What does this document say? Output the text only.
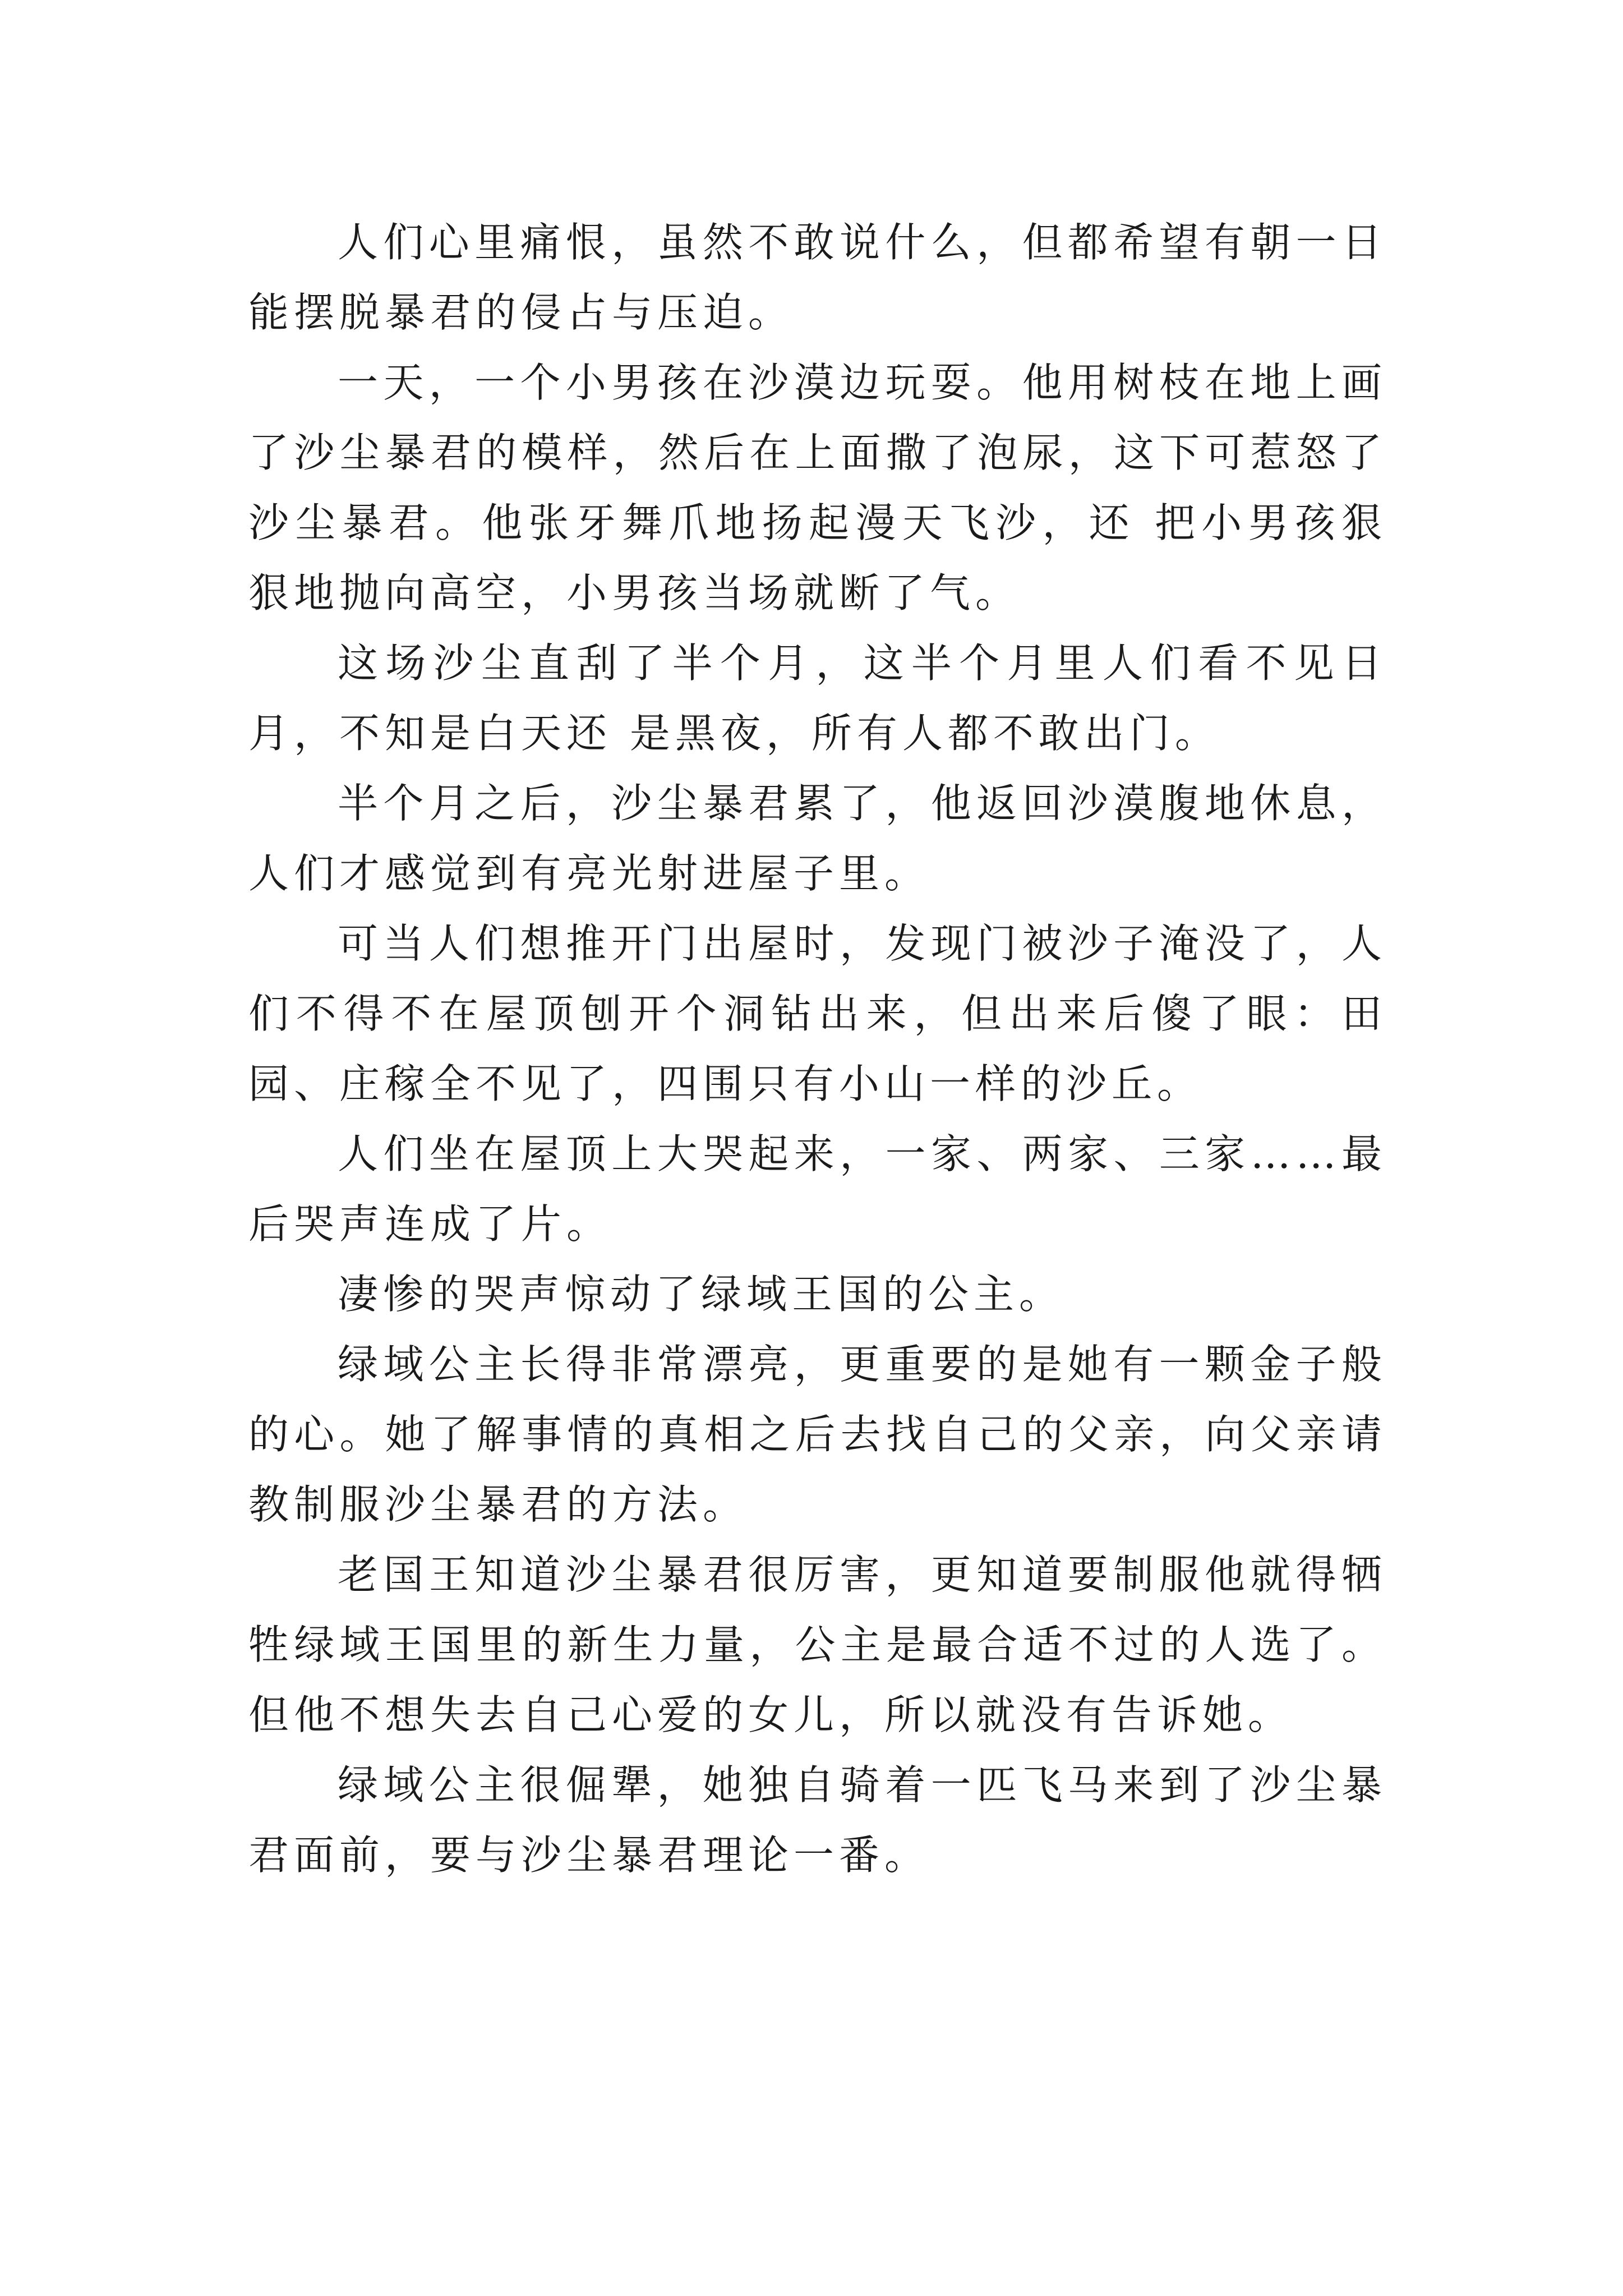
人们心里痛恨，虽然不敢说什么，但都希望有朝一日能摆脱暴君的侵占与压迫。

一天，一个小男孩在沙漠边玩耍。他用树枝在地上画了沙尘暴君的模样，然后在上面撒了泡尿，这下可惹怒了沙尘暴君。他张牙舞爪地扬起漫天飞沙，还 把小男孩狠狠地抛向高空，小男孩当场就断了气。

这场沙尘直刮了半个月，这半个月里人们看不见日月，不知是白天还 是黑夜，所有人都不敢出门。

半个月之后，沙尘暴君累了，他返回沙漠腹地休息，人们才感觉到有亮光射进屋子里。

可当人们想推开门出屋时，发现门被沙子淹没了，人们不得不在屋顶刨开个洞钻出来，但出来后傻了眼：田园、庄稼全不见了，四围只有小山一样的沙丘。

人们坐在屋顶上大哭起来，一家、两家、三家……最后哭声连成了片。

凄惨的哭声惊动了绿域王国的公主。

绿域公主长得非常漂亮，更重要的是她有一颗金子般的心。她了解事情的真相之后去找自己的父亲，向父亲请教制服沙尘暴君的方法。

老国王知道沙尘暴君很厉害，更知道要制服他就得牺牲绿域王国里的新生力量，公主是最合适不过的人选了。但他不想失去自己心爱的女儿，所以就没有告诉她。

绿域公主很倔犟，她独自骑着一匹飞马来到了沙尘暴君面前，要与沙尘暴君理论一番。
